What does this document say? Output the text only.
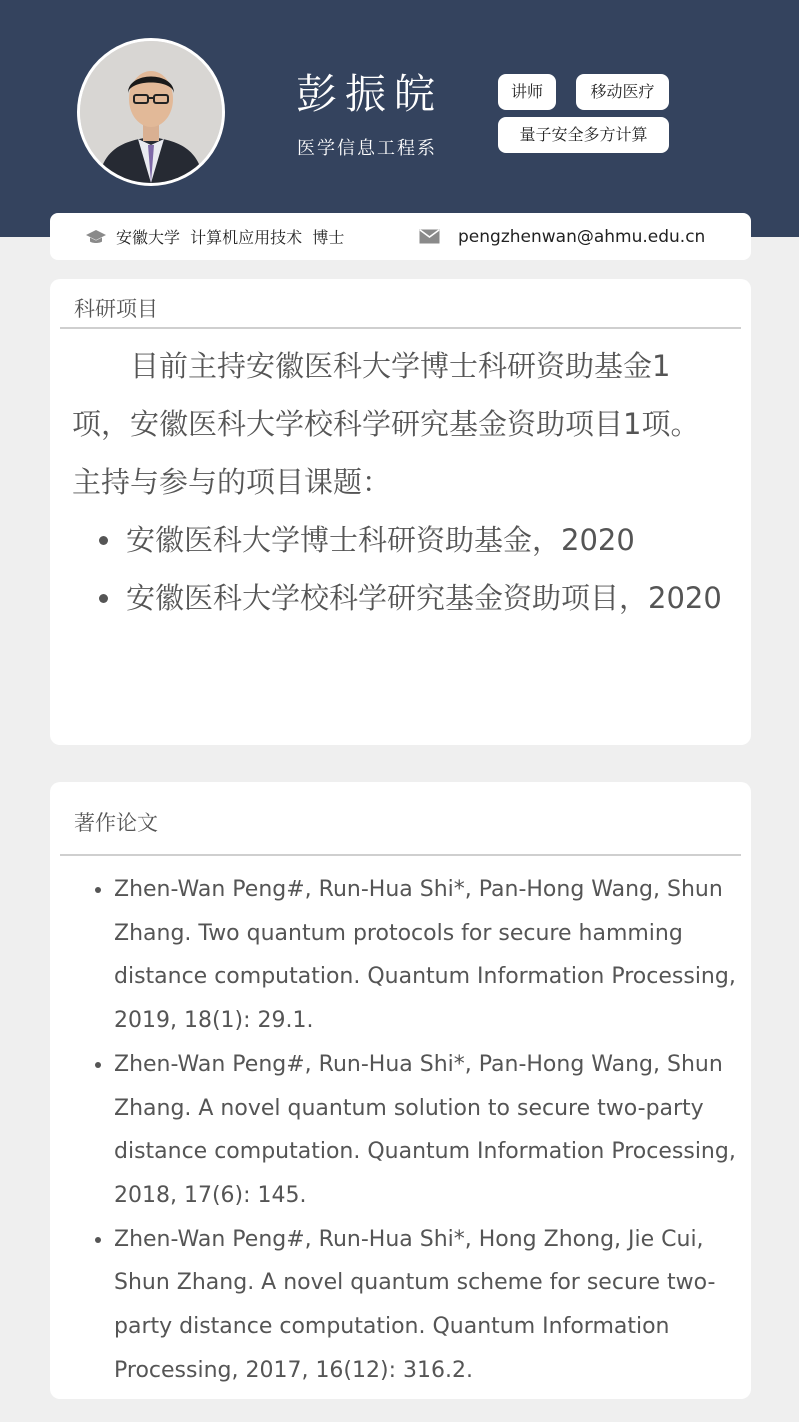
彭振皖
医学信息工程系
讲师	移动医疗
量子安全多方计算
安徽大学  计算机应用技术  博士	pengzhenwan@ahmu.edu.cn
科研项目

　　目前主持安徽医科大学博士科研资助基金1项，安徽医科大学校科学研究基金资助项目1项。

主持与参与的项目课题：

• 安徽医科大学博士科研资助基金，2020
• 安徽医科大学校科学研究基金资助项目，2020
著作论文
• Zhen-Wan Peng#, Run-Hua Shi*, Pan-Hong Wang, Shun Zhang. Two quantum protocols for secure hamming distance computation. Quantum Information Processing, 2019, 18(1): 29.1.
• Zhen-Wan Peng#, Run-Hua Shi*, Pan-Hong Wang, Shun Zhang. A novel quantum solution to secure two-party distance computation. Quantum Information Processing, 2018, 17(6): 145.
• Zhen-Wan Peng#, Run-Hua Shi*, Hong Zhong, Jie Cui, Shun Zhang. A novel quantum scheme for secure two-party distance computation. Quantum Information Processing, 2017, 16(12): 316.2.
